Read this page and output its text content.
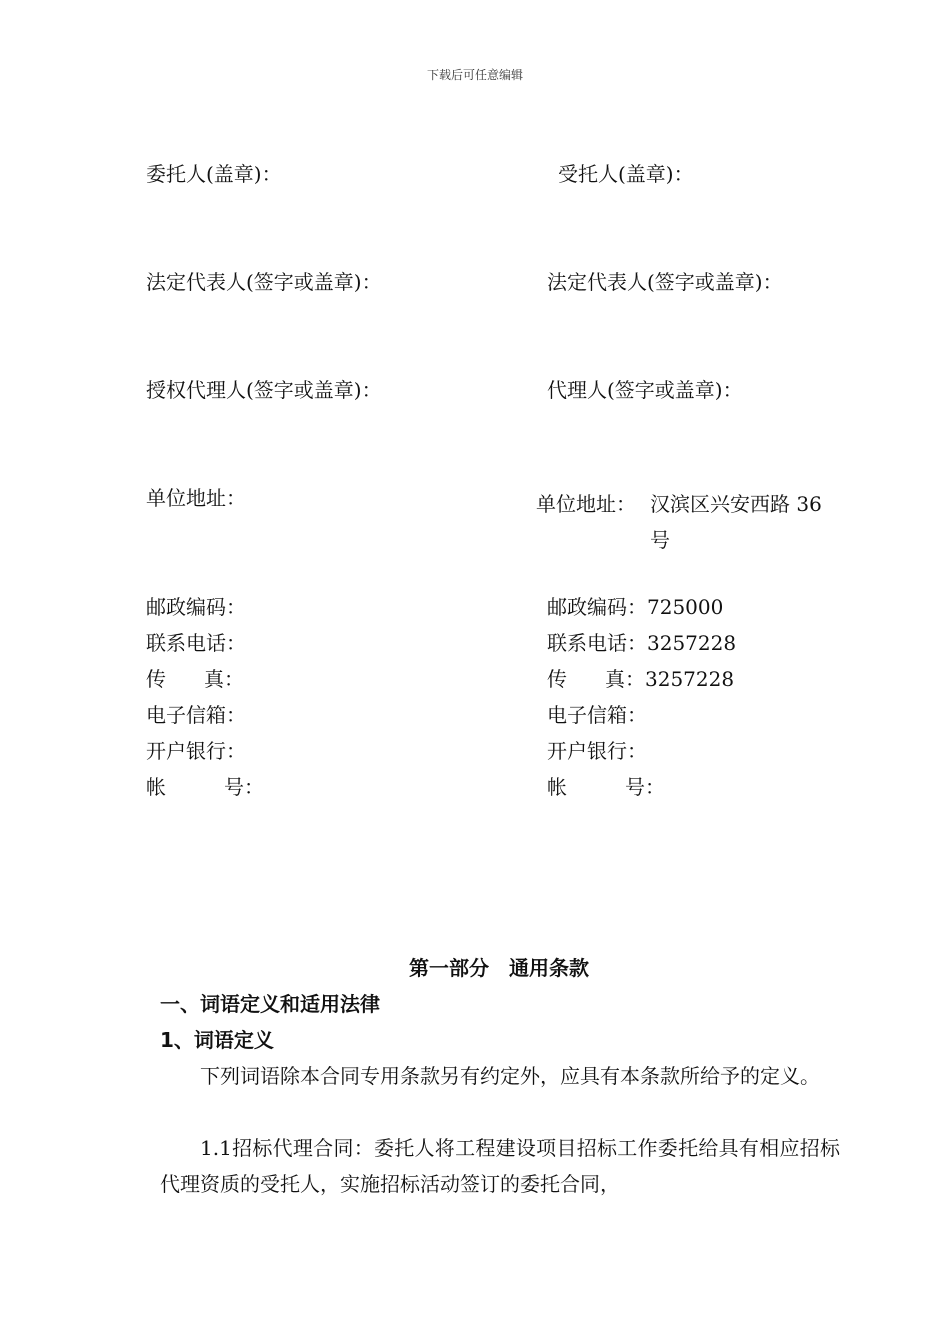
下载后可任意编辑
委托人(盖章)：
法定代表人(签字或盖章)：
授权代理人(签字或盖章)：
单位地址：
邮政编码：
联系电话：
传真：
电子信箱：
开户银行：
帐号：
受托人(盖章)：
法定代表人(签字或盖章)：
代理人(签字或盖章)：
单位地址： 汉滨区兴安西路 36 号
邮政编码：725000
联系电话：3257228
传真：3257228
电子信箱：
开户银行：
帐号：
第一部分　通用条款
一、词语定义和适用法律
1、词语定义
下列词语除本合同专用条款另有约定外，应具有本条款所给予的定义。
1.1招标代理合同：委托人将工程建设项目招标工作委托给具有相应招标代理资质的受托人，实施招标活动签订的委托合同，
